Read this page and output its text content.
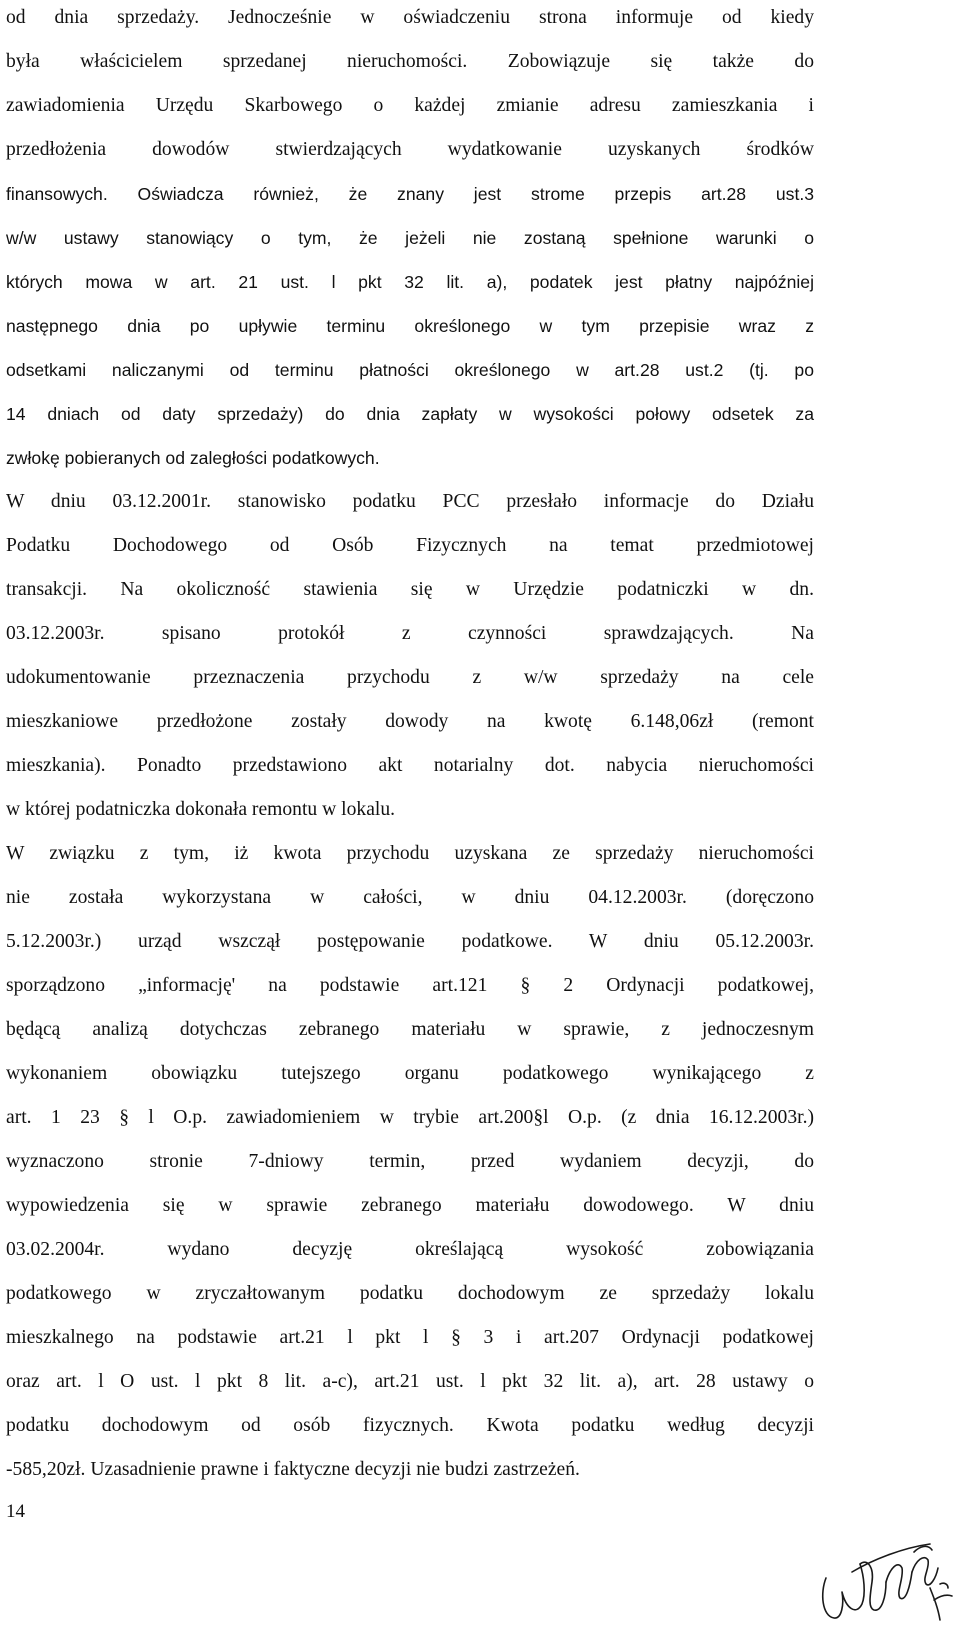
od dnia sprzedaży. Jednocześnie w oświadczeniu strona informuje od kiedy
była właścicielem sprzedanej nieruchomości. Zobowiązuje się także do
zawiadomienia Urzędu Skarbowego o każdej zmianie adresu zamieszkania i
przedłożenia dowodów stwierdzających wydatkowanie uzyskanych środków
finansowych. Oświadcza również, że znany jest strome przepis art.28 ust.3
w/w ustawy stanowiący o tym, że jeżeli nie zostaną spełnione warunki o
których mowa w art. 21 ust. l pkt 32 lit. a), podatek jest płatny najpóźniej
następnego dnia po upływie terminu określonego w tym przepisie wraz z
odsetkami naliczanymi od terminu płatności określonego w art.28 ust.2 (tj. po
14 dniach od daty sprzedaży) do dnia zapłaty w wysokości połowy odsetek za
zwłokę pobieranych od zaległości podatkowych.
W dniu 03.12.2001r. stanowisko podatku PCC przesłało informacje do Działu
Podatku Dochodowego od Osób Fizycznych na temat przedmiotowej
transakcji. Na okoliczność stawienia się w Urzędzie podatniczki w dn.
03.12.2003r. spisano protokół z czynności sprawdzających. Na
udokumentowanie przeznaczenia przychodu z w/w sprzedaży na cele
mieszkaniowe przedłożone zostały dowody na kwotę 6.148,06zł (remont
mieszkania). Ponadto przedstawiono akt notarialny dot. nabycia nieruchomości
w której podatniczka dokonała remontu w lokalu.
W związku z tym, iż kwota przychodu uzyskana ze sprzedaży nieruchomości
nie została wykorzystana w całości, w dniu 04.12.2003r. (doręczono
5.12.2003r.) urząd wszczął postępowanie podatkowe. W dniu 05.12.2003r.
sporządzono „informację' na podstawie art.121 § 2 Ordynacji podatkowej,
będącą analizą dotychczas zebranego materiału w sprawie, z jednoczesnym
wykonaniem obowiązku tutejszego organu podatkowego wynikającego z
art. 1 23 § l O.p. zawiadomieniem w trybie art.200§l O.p. (z dnia 16.12.2003r.)
wyznaczono stronie 7-dniowy termin, przed wydaniem decyzji, do
wypowiedzenia się w sprawie zebranego materiału dowodowego. W dniu
03.02.2004r. wydano decyzję określającą wysokość zobowiązania
podatkowego w zryczałtowanym podatku dochodowym ze sprzedaży lokalu
mieszkalnego na podstawie art.21 l pkt l § 3 i art.207 Ordynacji podatkowej
oraz art. l O ust. l pkt 8 lit. a-c), art.21 ust. l pkt 32 lit. a), art. 28 ustawy o
podatku dochodowym od osób fizycznych. Kwota podatku według decyzji
-585,20zł. Uzasadnienie prawne i faktyczne decyzji nie budzi zastrzeżeń.
14
